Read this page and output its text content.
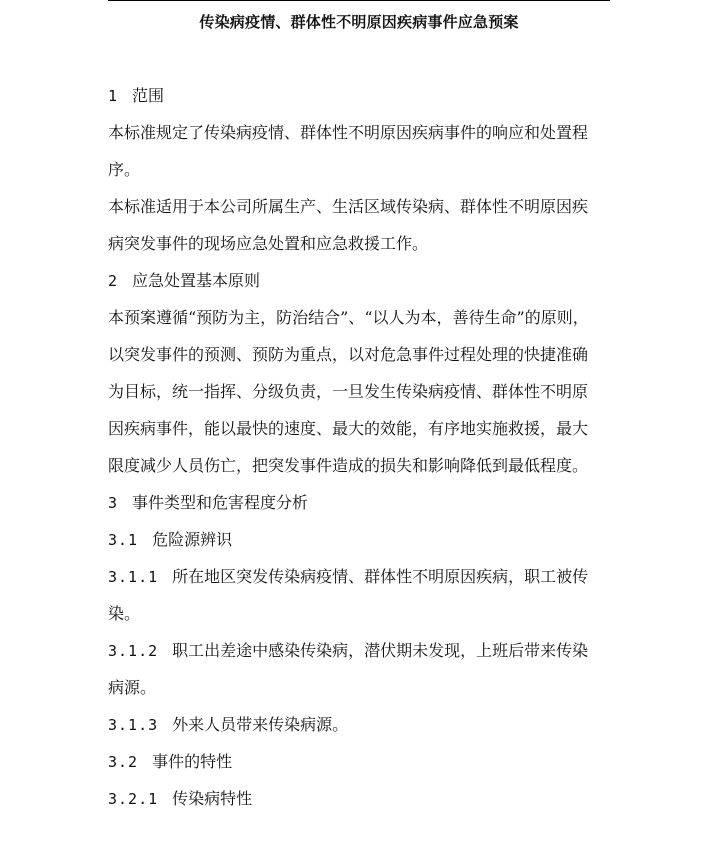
传染病疫情、群体性不明原因疾病事件应急预案
1 范围
本标准规定了传染病疫情、群体性不明原因疾病事件的响应和处置程
序。
本标准适用于本公司所属生产、生活区域传染病、群体性不明原因疾
病突发事件的现场应急处置和应急救援工作。
2 应急处置基本原则
本预案遵循“预防为主，防治结合”、“以人为本，善待生命”的原则，
以突发事件的预测、预防为重点，以对危急事件过程处理的快捷准确
为目标，统一指挥、分级负责，一旦发生传染病疫情、群体性不明原
因疾病事件，能以最快的速度、最大的效能，有序地实施救援，最大
限度减少人员伤亡，把突发事件造成的损失和影响降低到最低程度。
3 事件类型和危害程度分析
3.1 危险源辨识
3.1.1 所在地区突发传染病疫情、群体性不明原因疾病，职工被传
染。
3.1.2 职工出差途中感染传染病，潜伏期未发现，上班后带来传染
病源。
3.1.3 外来人员带来传染病源。
3.2 事件的特性
3.2.1 传染病特性
